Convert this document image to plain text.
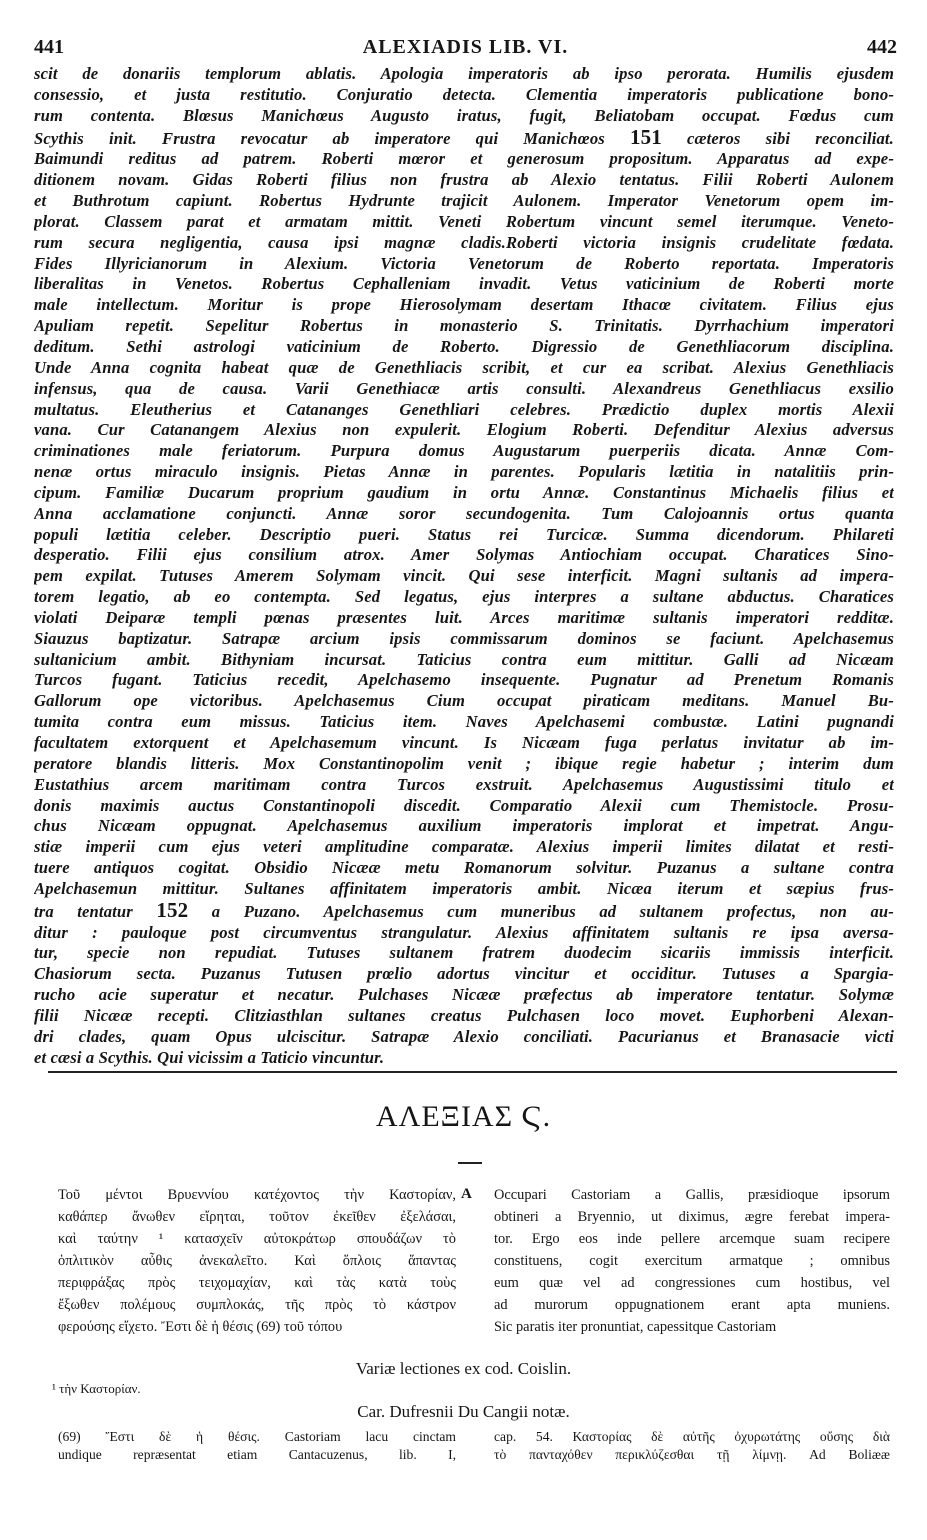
441	ALEXIADIS LIB. VI.	442
scit de donariis templorum ablatis. Apologia imperatoris ab ipso perorata. Humilis ejusdem
consessio, et justa restitutio. Conjuratio detecta. Clementia imperatoris publicatione bono-
rum contenta. Blœsus Manichœus Augusto iratus, fugit, Beliatobam occupat. Fœdus cum
Scythis init. Frustra revocatur ab imperatore qui Manichœos 151 cæteros sibi reconciliat.
Baimundi reditus ad patrem. Roberti mœror et generosum propositum. Apparatus ad expe-
ditionem novam. Gidas Roberti filius non frustra ab Alexio tentatus. Filii Roberti Aulonem
et Buthrotum capiunt. Robertus Hydrunte trajicit Aulonem. Imperator Venetorum opem im-
plorat. Classem parat et armatam mittit. Veneti Robertum vincunt semel iterumque. Veneto-
rum secura negligentia, causa ipsi magnæ cladis.Roberti victoria insignis crudelitate fœdata.
Fides Illyricianorum in Alexium. Victoria Venetorum de Roberto reportata. Imperatoris
liberalitas in Venetos. Robertus Cephalleniam invadit. Vetus vaticinium de Roberti morte
male intellectum. Moritur is prope Hierosolymam desertam Ithacœ civitatem. Filius ejus
Apuliam repetit. Sepelitur Robertus in monasterio S. Trinitatis. Dyrrhachium imperatori
deditum. Sethi astrologi vaticinium de Roberto. Digressio de Genethliacorum disciplina.
Unde Anna cognita habeat quæ de Genethliacis scribit, et cur ea scribat. Alexius Genethliacis
infensus, qua de causa. Varii Genethiacæ artis consulti. Alexandreus Genethliacus exsilio
multatus. Eleutherius et Catananges Genethliari celebres. Prædictio duplex mortis Alexii
vana. Cur Catanangem Alexius non expulerit. Elogium Roberti. Defenditur Alexius adversus
criminationes male feriatorum. Purpura domus Augustarum puerperiis dicata. Annæ Com-
nenæ ortus miraculo insignis. Pietas Annæ in parentes. Popularis lætitia in natalitiis prin-
cipum. Familiæ Ducarum proprium gaudium in ortu Annæ. Constantinus Michaelis filius et
Anna acclamatione conjuncti. Annæ soror secundogenita. Tum Calojoannis ortus quanta
populi lætitia celeber. Descriptio pueri. Status rei Turcicæ. Summa dicendorum. Philareti
desperatio. Filii ejus consilium atrox. Amer Solymas Antiochiam occupat. Charatices Sino-
pem expilat. Tutuses Amerem Solymam vincit. Qui sese interficit. Magni sultanis ad impera-
torem legatio, ab eo contempta. Sed legatus, ejus interpres a sultane abductus. Charatices
violati Deiparæ templi pœnas præsentes luit. Arces maritimæ sultanis imperatori redditæ.
Siauzus baptizatur. Satrapæ arcium ipsis commissarum dominos se faciunt. Apelchasemus
sultanicium ambit. Bithyniam incursat. Taticius contra eum mittitur. Galli ad Nicæam
Turcos fugant. Taticius recedit, Apelchasemo insequente. Pugnatur ad Prenetum Romanis
Gallorum ope victoribus. Apelchasemus Cium occupat piraticam meditans. Manuel Bu-
tumita contra eum missus. Taticius item. Naves Apelchasemi combustæ. Latini pugnandi
facultatem extorquent et Apelchasemum vincunt. Is Nicæam fuga perlatus invitatur ab im-
peratore blandis litteris. Mox Constantinopolim venit ; ibique regie habetur ; interim dum
Eustathius arcem maritimam contra Turcos exstruit. Apelchasemus Augustissimi titulo et
donis maximis auctus Constantinopoli discedit. Comparatio Alexii cum Themistocle. Prosu-
chus Nicæam oppugnat. Apelchasemus auxilium imperatoris implorat et impetrat. Angu-
stiæ imperii cum ejus veteri amplitudine comparatæ. Alexius imperii limites dilatat et resti-
tuere antiquos cogitat. Obsidio Nicææ metu Romanorum solvitur. Puzanus a sultane contra
Apelchasemun mittitur. Sultanes affinitatem imperatoris ambit. Nicæa iterum et sæpius frus-
tra tentatur 152 a Puzano. Apelchasemus cum muneribus ad sultanem profectus, non au-
ditur : pauloque post circumventus strangulatur. Alexius affinitatem sultanis re ipsa aversa-
tur, specie non repudiat. Tutuses sultanem fratrem duodecim sicariis immissis interficit.
Chasiorum secta. Puzanus Tutusen prœlio adortus vincitur et occiditur. Tutuses a Spargia-
rucho acie superatur et necatur. Pulchases Nicææ præfectus ab imperatore tentatur. Solymæ
filii Nicææ recepti. Clitziasthlan sultanes creatus Pulchasen loco movet. Euphorbeni Alexan-
dri clades, quam Opus ulciscitur. Satrapæ Alexio conciliati. Pacurianus et Branasacie victi
et cæsi a Scythis. Qui vicissim a Taticio vincuntur.
ΑΛΕΞΙΑΣ Ϛ.
Τοῦ μέντοι Βρυεννίου κατέχοντος τὴν Καστορίαν,
καθάπερ ἄνωθεν εἴρηται, τοῦτον ἐκεῖθεν ἐξελάσαι,
καὶ ταύτην ¹ κατασχεῖν αὐτοκράτωρ σπουδάζων τὸ
ὁπλιτικὸν αὖθις ἀνεκαλεῖτο. Καὶ ὅπλοις ἅπαντας
περιφράξας πρὸς τειχομαχίαν, καὶ τὰς κατὰ τοὺς
ἔξωθεν πολέμους συμπλοκάς, τῆς πρὸς τὸ κάστρον
φερούσης εἴχετο. Ἔστι δὲ ἡ θέσις (69) τοῦ τόπου
A Occupari Castoriam a Gallis, præsidioque ipsorum
obtineri a Bryennio, ut diximus, ægre ferebat impera-
tor. Ergo eos inde pellere arcemque suam recipere
constituens, cogit exercitum armatque ; omnibus
eum quæ vel ad congressiones cum hostibus, vel
ad murorum oppugnationem erant apta muniens.
Sic paratis iter pronuntiat, capessitque Castoriam
Variæ lectiones ex cod. Coislin.
¹ τὴν Καστορίαν.
Car. Dufresnii Du Cangii notæ.
(69) Ἔστι δὲ ἡ θέσις. Castoriam lacu cinctam
undique repræsentat etiam Cantacuzenus, lib. I,
cap. 54. Καστορίας δὲ αὐτῆς ὀχυρωτάτης οὔσης διὰ
τὸ πανταχόθεν περικλύζεσθαι τῇ λίμνῃ. Ad Boliææ
